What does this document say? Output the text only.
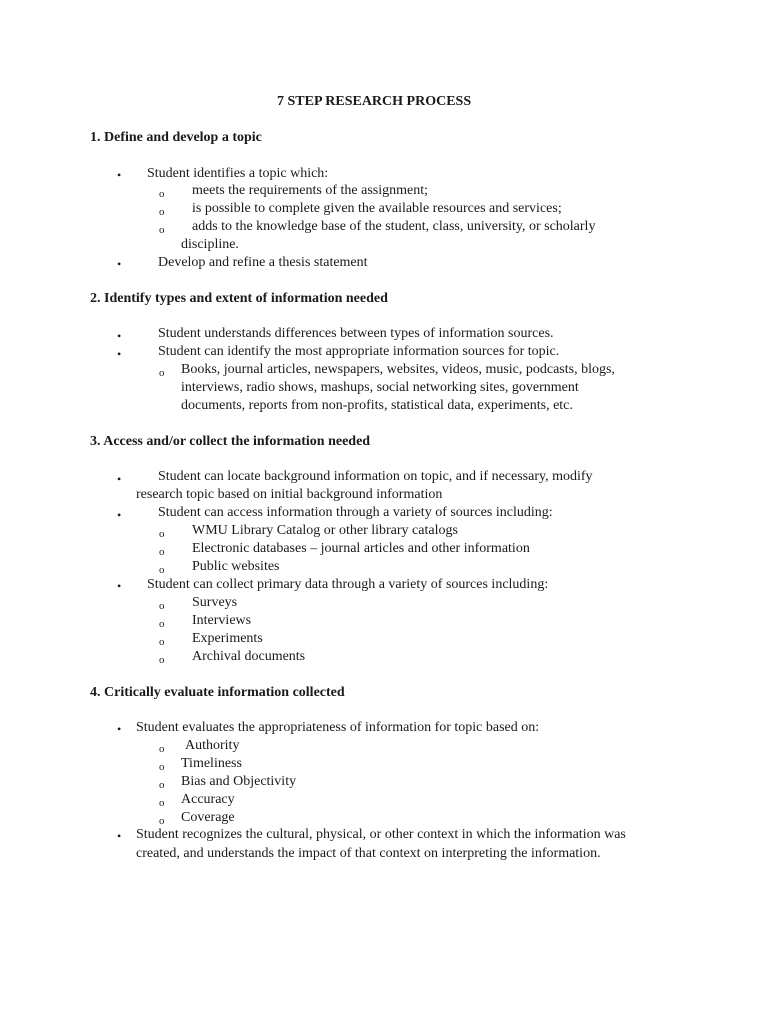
7 STEP RESEARCH PROCESS
1. Define and develop a topic
• Student identifies a topic which:
o meets the requirements of the assignment;
o is possible to complete given the available resources and services;
o adds to the knowledge base of the student, class, university, or scholarly
discipline.
•	Develop and refine a thesis statement
2. Identify types and extent of information needed
•	Student understands differences between types of information sources.
•	Student can identify the most appropriate information sources for topic.
o Books, journal articles, newspapers, websites, videos, music, podcasts, blogs,
interviews, radio shows, mashups, social networking sites, government
documents, reports from non-profits, statistical data, experiments, etc.
3. Access and/or collect the information needed
•	Student can locate background information on topic, and if necessary, modify
research topic based on initial background information
•	Student can access information through a variety of sources including:
o WMU Library Catalog or other library catalogs
o Electronic databases – journal articles and other information
o Public websites
• Student can collect primary data through a variety of sources including:
o Surveys
o Interviews
o Experiments
o Archival documents
4. Critically evaluate information collected
• Student evaluates the appropriateness of information for topic based on:
o Authority
o Timeliness
o Bias and Objectivity
o Accuracy
o Coverage
• Student recognizes the cultural, physical, or other context in which the information was
created, and understands the impact of that context on interpreting the information.
